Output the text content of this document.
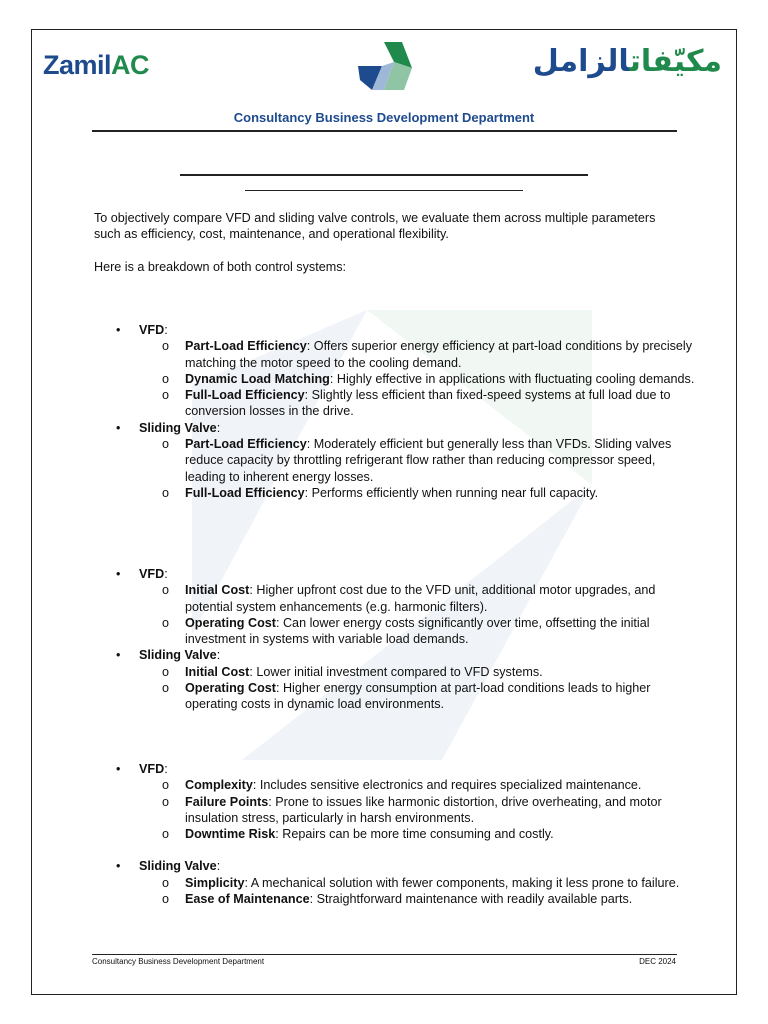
ZamilAC	مكيّفاتالزامل
Consultancy Business Development Department

To objectively compare VFD and sliding valve controls, we evaluate them across multiple parameters such as efficiency, cost, maintenance, and operational flexibility.

Here is a breakdown of both control systems:

• VFD:
o Part-Load Efficiency: Offers superior energy efficiency at part-load conditions by precisely matching the motor speed to the cooling demand.
o Dynamic Load Matching: Highly effective in applications with fluctuating cooling demands.
o Full-Load Efficiency: Slightly less efficient than fixed-speed systems at full load due to conversion losses in the drive.
• Sliding Valve:
o Part-Load Efficiency: Moderately efficient but generally less than VFDs. Sliding valves reduce capacity by throttling refrigerant flow rather than reducing compressor speed, leading to inherent energy losses.
o Full-Load Efficiency: Performs efficiently when running near full capacity.
• VFD:
o Initial Cost: Higher upfront cost due to the VFD unit, additional motor upgrades, and potential system enhancements (e.g. harmonic filters).
o Operating Cost: Can lower energy costs significantly over time, offsetting the initial investment in systems with variable load demands.
• Sliding Valve:
o Initial Cost: Lower initial investment compared to VFD systems.
o Operating Cost: Higher energy consumption at part-load conditions leads to higher operating costs in dynamic load environments.
• VFD:
o Complexity: Includes sensitive electronics and requires specialized maintenance.
o Failure Points: Prone to issues like harmonic distortion, drive overheating, and motor insulation stress, particularly in harsh environments.
o Downtime Risk: Repairs can be more time consuming and costly.
• Sliding Valve:
o Simplicity: A mechanical solution with fewer components, making it less prone to failure.
o Ease of Maintenance: Straightforward maintenance with readily available parts.
Consultancy Business Development Department	DEC 2024
